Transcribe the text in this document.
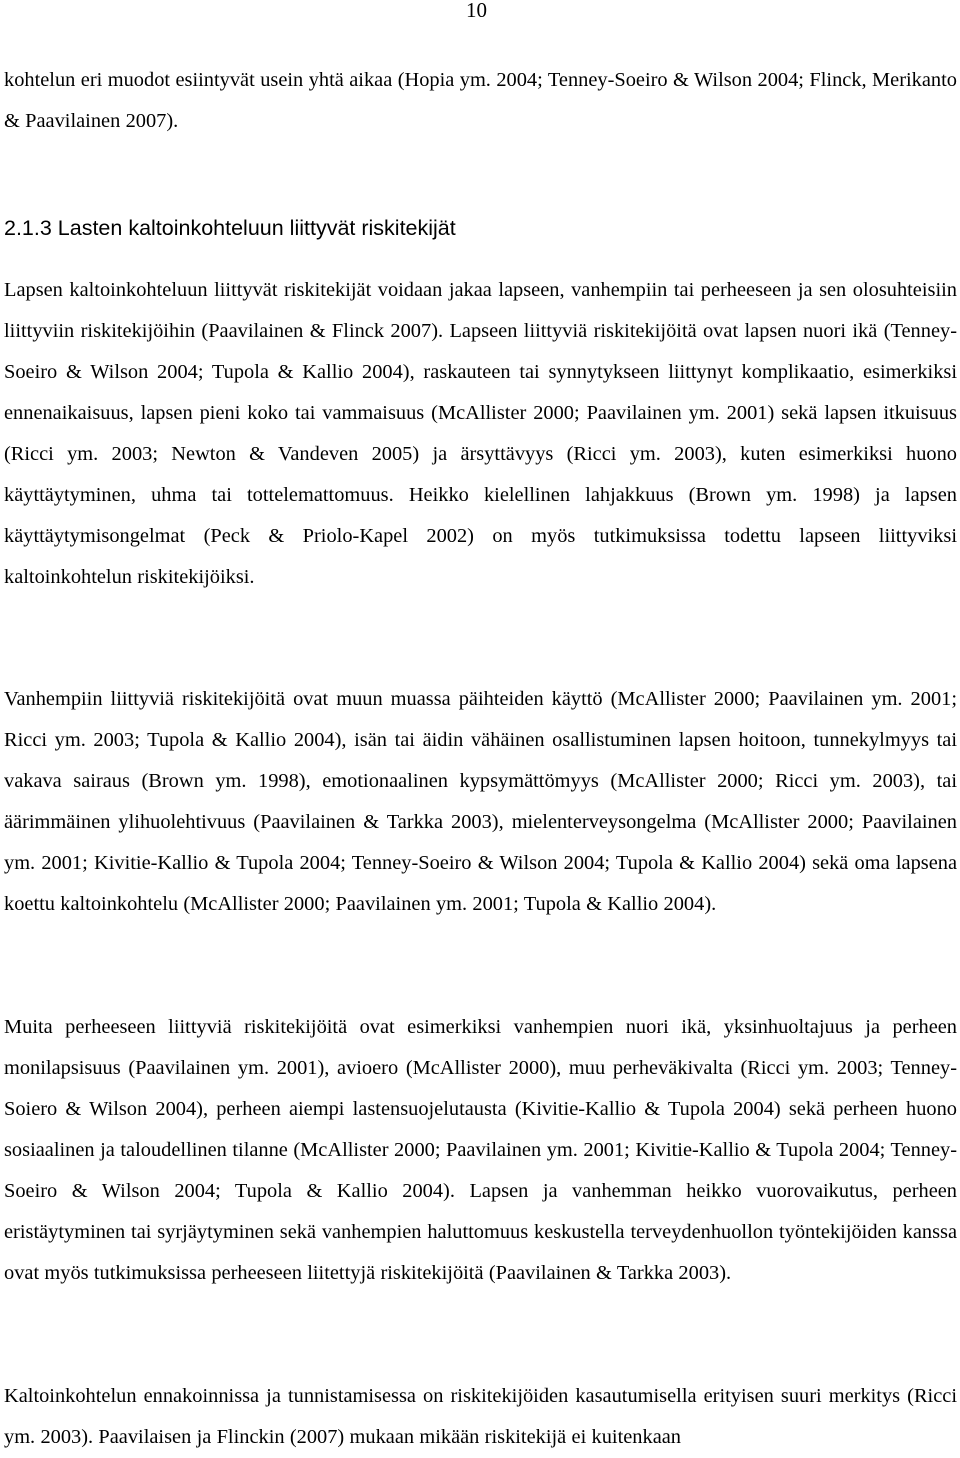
10

kohtelun eri muodot esiintyvät usein yhtä aikaa (Hopia ym. 2004; Tenney-Soeiro & Wilson 2004; Flinck, Merikanto & Paavilainen 2007).

2.1.3 Lasten kaltoinkohteluun liittyvät riskitekijät

Lapsen kaltoinkohteluun liittyvät riskitekijät voidaan jakaa lapseen, vanhempiin tai perheeseen ja sen olosuhteisiin liittyviin riskitekijöihin (Paavilainen & Flinck 2007). Lapseen liittyviä riskitekijöitä ovat lapsen nuori ikä (Tenney-Soeiro & Wilson 2004; Tupola & Kallio 2004), raskauteen tai synnytykseen liittynyt komplikaatio, esimerkiksi ennenaikaisuus, lapsen pieni koko tai vammaisuus (McAllister 2000; Paavilainen ym. 2001) sekä lapsen itkuisuus (Ricci ym. 2003; Newton & Vandeven 2005) ja ärsyttävyys (Ricci ym. 2003), kuten esimerkiksi huono käyttäytyminen, uhma tai tottelemattomuus. Heikko kielellinen lahjakkuus (Brown ym. 1998) ja lapsen käyttäytymisongelmat (Peck & Priolo-Kapel 2002) on myös tutkimuksissa todettu lapseen liittyviksi kaltoinkohtelun riskitekijöiksi.

Vanhempiin liittyviä riskitekijöitä ovat muun muassa päihteiden käyttö (McAllister 2000; Paavilainen ym. 2001; Ricci ym. 2003; Tupola & Kallio 2004), isän tai äidin vähäinen osallistuminen lapsen hoitoon, tunnekylmyys tai vakava sairaus (Brown ym. 1998), emotionaalinen kypsymättömyys (McAllister 2000; Ricci ym. 2003), tai äärimmäinen ylihuolehtivuus (Paavilainen & Tarkka 2003), mielenterveysongelma (McAllister 2000; Paavilainen ym. 2001; Kivitie-Kallio & Tupola 2004; Tenney-Soeiro & Wilson 2004; Tupola & Kallio 2004) sekä oma lapsena koettu kaltoinkohtelu (McAllister 2000; Paavilainen ym. 2001; Tupola & Kallio 2004).

Muita perheeseen liittyviä riskitekijöitä ovat esimerkiksi vanhempien nuori ikä, yksinhuoltajuus ja perheen monilapsisuus (Paavilainen ym. 2001), avioero (McAllister 2000), muu perheväkivalta (Ricci ym. 2003; Tenney-Soiero & Wilson 2004), perheen aiempi lastensuojelutausta (Kivitie-Kallio & Tupola 2004) sekä perheen huono sosiaalinen ja taloudellinen tilanne (McAllister 2000; Paavilainen ym. 2001; Kivitie-Kallio & Tupola 2004; Tenney-Soeiro & Wilson 2004; Tupola & Kallio 2004). Lapsen ja vanhemman heikko vuorovaikutus, perheen eristäytyminen tai syrjäytyminen sekä vanhempien haluttomuus keskustella terveydenhuollon työntekijöiden kanssa ovat myös tutkimuksissa perheeseen liitettyjä riskitekijöitä (Paavilainen & Tarkka 2003).

Kaltoinkohtelun ennakoinnissa ja tunnistamisessa on riskitekijöiden kasautumisella erityisen suuri merkitys (Ricci ym. 2003). Paavilaisen ja Flinckin (2007) mukaan mikään riskitekijä ei kuitenkaan
